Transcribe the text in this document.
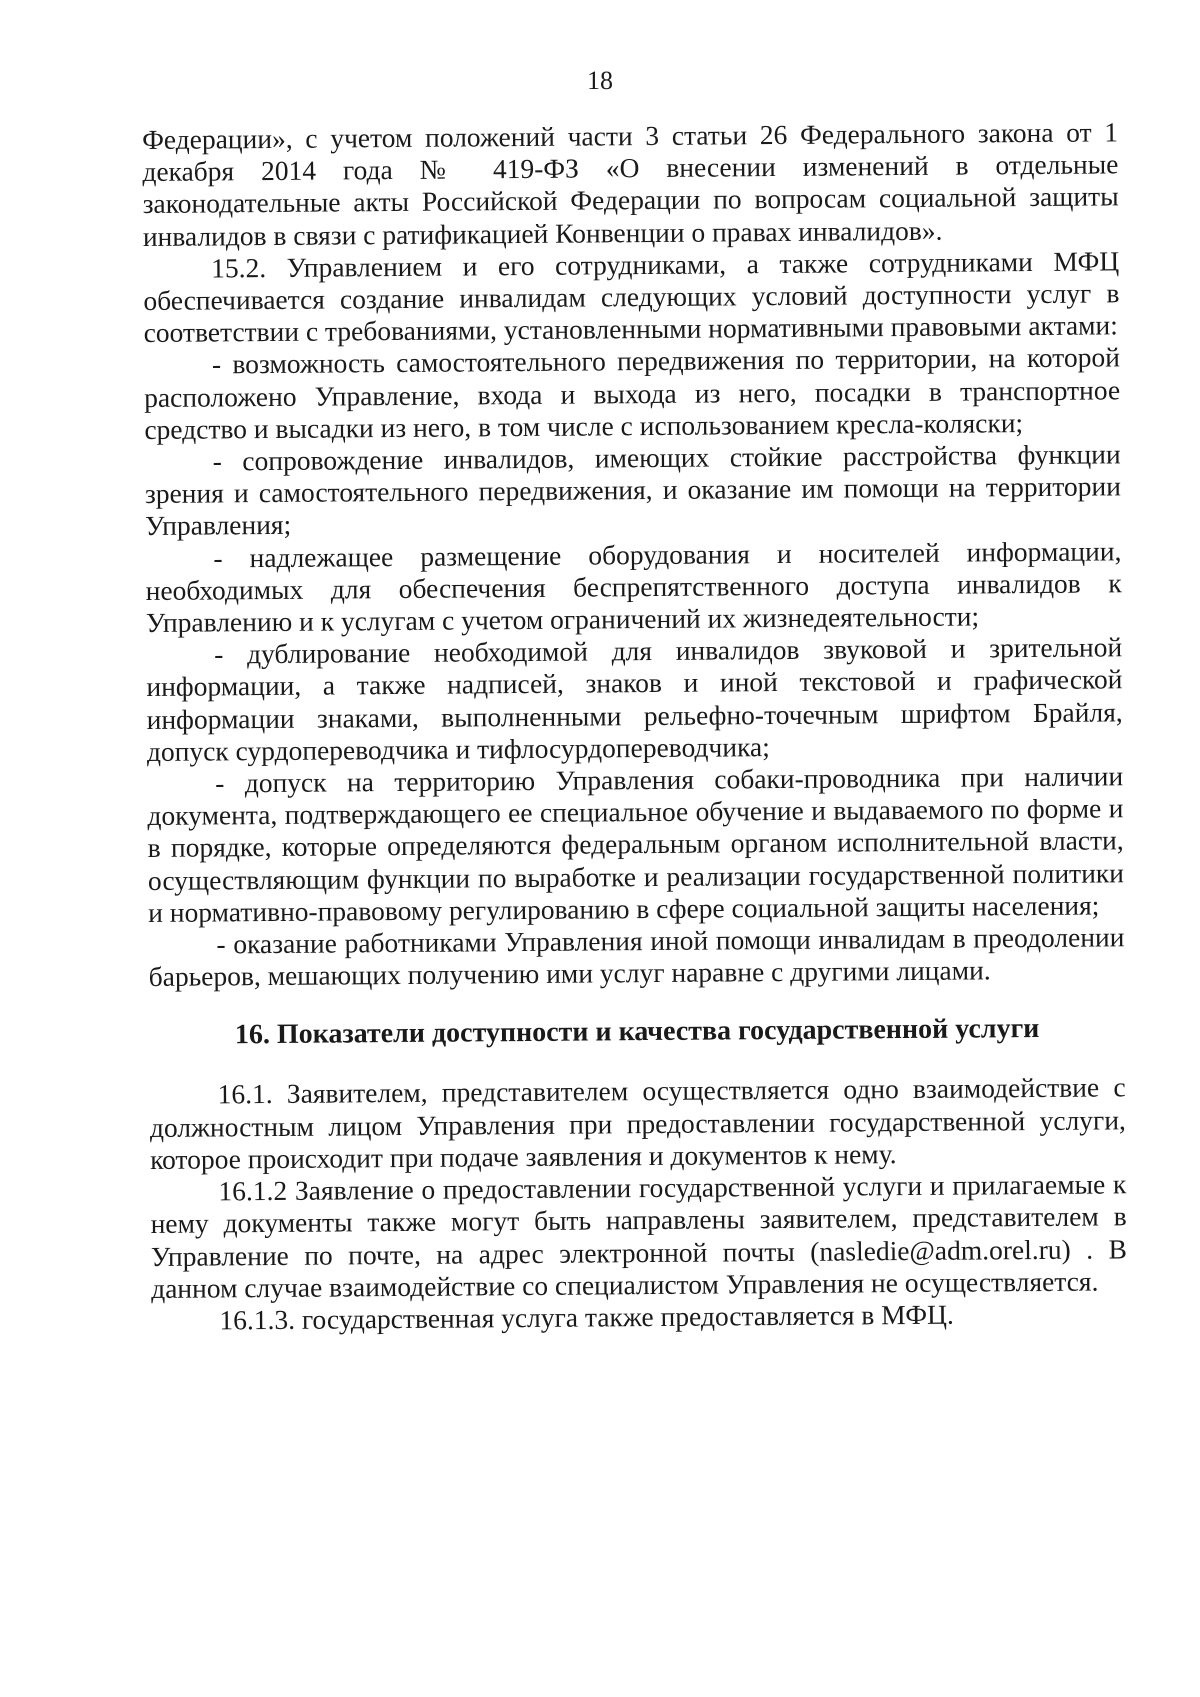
18

Федерации», с учетом положений части 3 статьи 26 Федерального закона от 1 декабря 2014 года № 419-ФЗ «О внесении изменений в отдельные законодательные акты Российской Федерации по вопросам социальной защиты инвалидов в связи с ратификацией Конвенции о правах инвалидов».

15.2. Управлением и его сотрудниками, а также сотрудниками МФЦ обеспечивается создание инвалидам следующих условий доступности услуг в соответствии с требованиями, установленными нормативными правовыми актами:

- возможность самостоятельного передвижения по территории, на которой расположено Управление, входа и выхода из него, посадки в транспортное средство и высадки из него, в том числе с использованием кресла-коляски;

- сопровождение инвалидов, имеющих стойкие расстройства функции зрения и самостоятельного передвижения, и оказание им помощи на территории Управления;

- надлежащее размещение оборудования и носителей информации, необходимых для обеспечения беспрепятственного доступа инвалидов к Управлению и к услугам с учетом ограничений их жизнедеятельности;

- дублирование необходимой для инвалидов звуковой и зрительной информации, а также надписей, знаков и иной текстовой и графической информации знаками, выполненными рельефно-точечным шрифтом Брайля, допуск сурдопереводчика и тифлосурдопереводчика;

- допуск на территорию Управления собаки-проводника при наличии документа, подтверждающего ее специальное обучение и выдаваемого по форме и в порядке, которые определяются федеральным органом исполнительной власти, осуществляющим функции по выработке и реализации государственной политики и нормативно-правовому регулированию в сфере социальной защиты населения;

- оказание работниками Управления иной помощи инвалидам в преодолении барьеров, мешающих получению ими услуг наравне с другими лицами.

16. Показатели доступности и качества государственной услуги

16.1. Заявителем, представителем осуществляется одно взаимодействие с должностным лицом Управления при предоставлении государственной услуги, которое происходит при подаче заявления и документов к нему.

16.1.2 Заявление о предоставлении государственной услуги и прилагаемые к нему документы также могут быть направлены заявителем, представителем в Управление по почте, на адрес электронной почты (nasledie@adm.orel.ru) . В данном случае взаимодействие со специалистом Управления не осуществляется.

16.1.3. государственная услуга также предоставляется в МФЦ.
